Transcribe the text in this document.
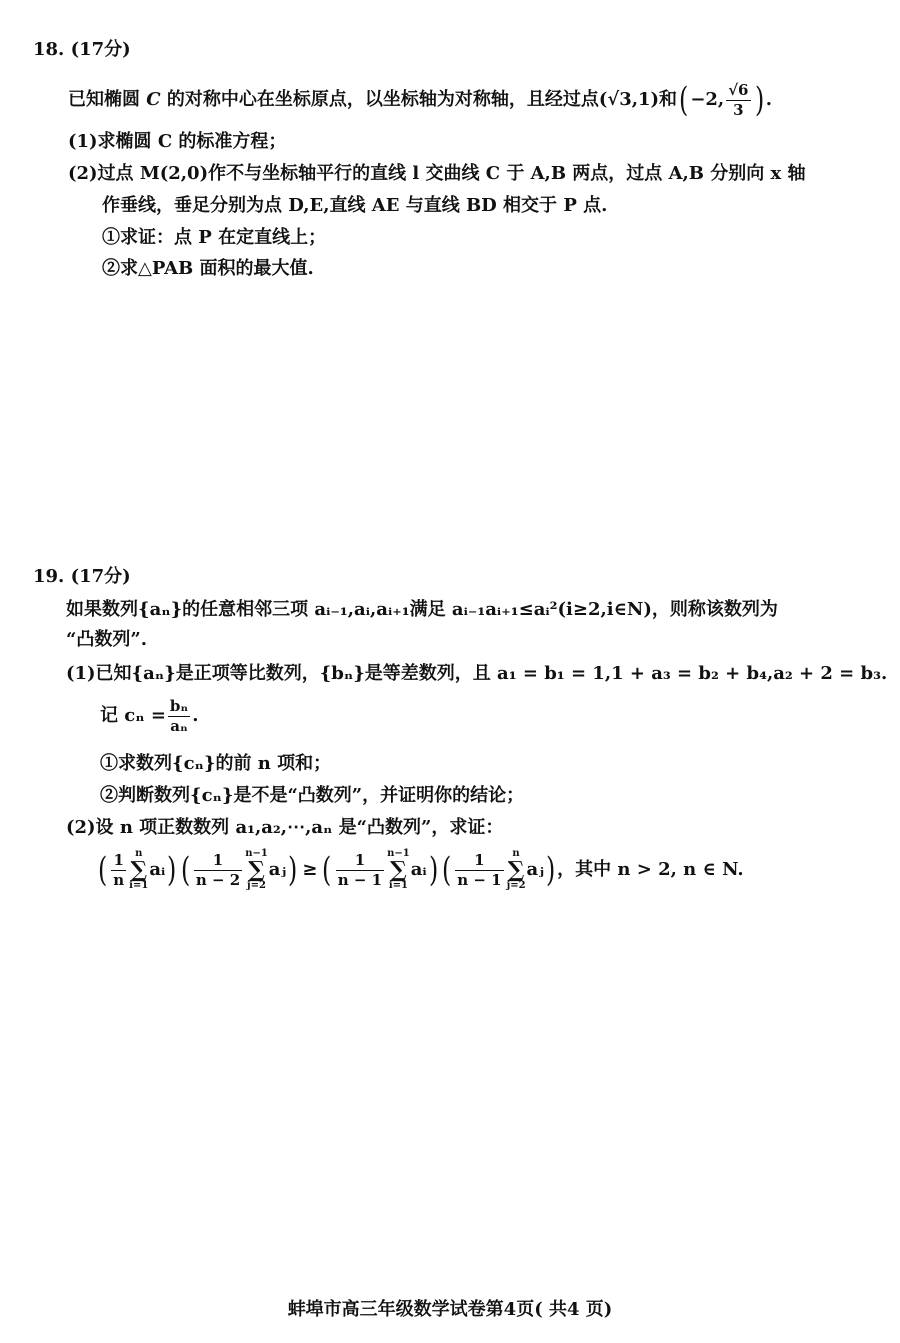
18. (17分)
已知椭圆 C 的对称中心在坐标原点，以坐标轴为对称轴，且经过点(√3,1)和( −2, $\frac{√6}{3}$ ) .
(1)求椭圆 C 的标准方程；
(2)过点 M(2,0)作不与坐标轴平行的直线 l 交曲线 C 于 A,B 两点，过点 A,B 分别向 x 轴
作垂线，垂足分别为点 D,E,直线 AE 与直线 BD 相交于 P 点.
①求证：点 P 在定直线上；
②求△PAB 面积的最大值.
19. (17分)
如果数列{aₙ}的任意相邻三项 aᵢ₋₁,aᵢ,aᵢ₊₁满足 aᵢ₋₁aᵢ₊₁≤aᵢ²(i≥2,i∈N)，则称该数列为
“凸数列”.
(1)已知{aₙ}是正项等比数列，{bₙ}是等差数列，且 a₁ = b₁ = 1,1 + a₃ = b₂ + b₄,a₂ + 2 = b₃.
记 $c_n = \frac{\text{bₙ}}{\text{aₙ}}$ .
①求数列{cₙ}的前 n 项和；
②判断数列{cₙ}是不是“凸数列”，并证明你的结论；
(2)设 n 项正数数列 a₁,a₂,⋯,aₙ 是“凸数列”，求证：
( $\frac{1}{n}$ n
∑
i=1
aᵢ) ( $\frac{1}{n - 2} n-1$
∑
j=2
aⱼ) ≥ ( $\frac{1}{n - 1} n-1$
∑
i=1
aᵢ) ( $\frac{1}{n - 1}$ n
∑
j=2
aⱼ) ，其中 n > 2, n ∈ N.
蚌埠市高三年级数学试卷第4页( 共4 页)
